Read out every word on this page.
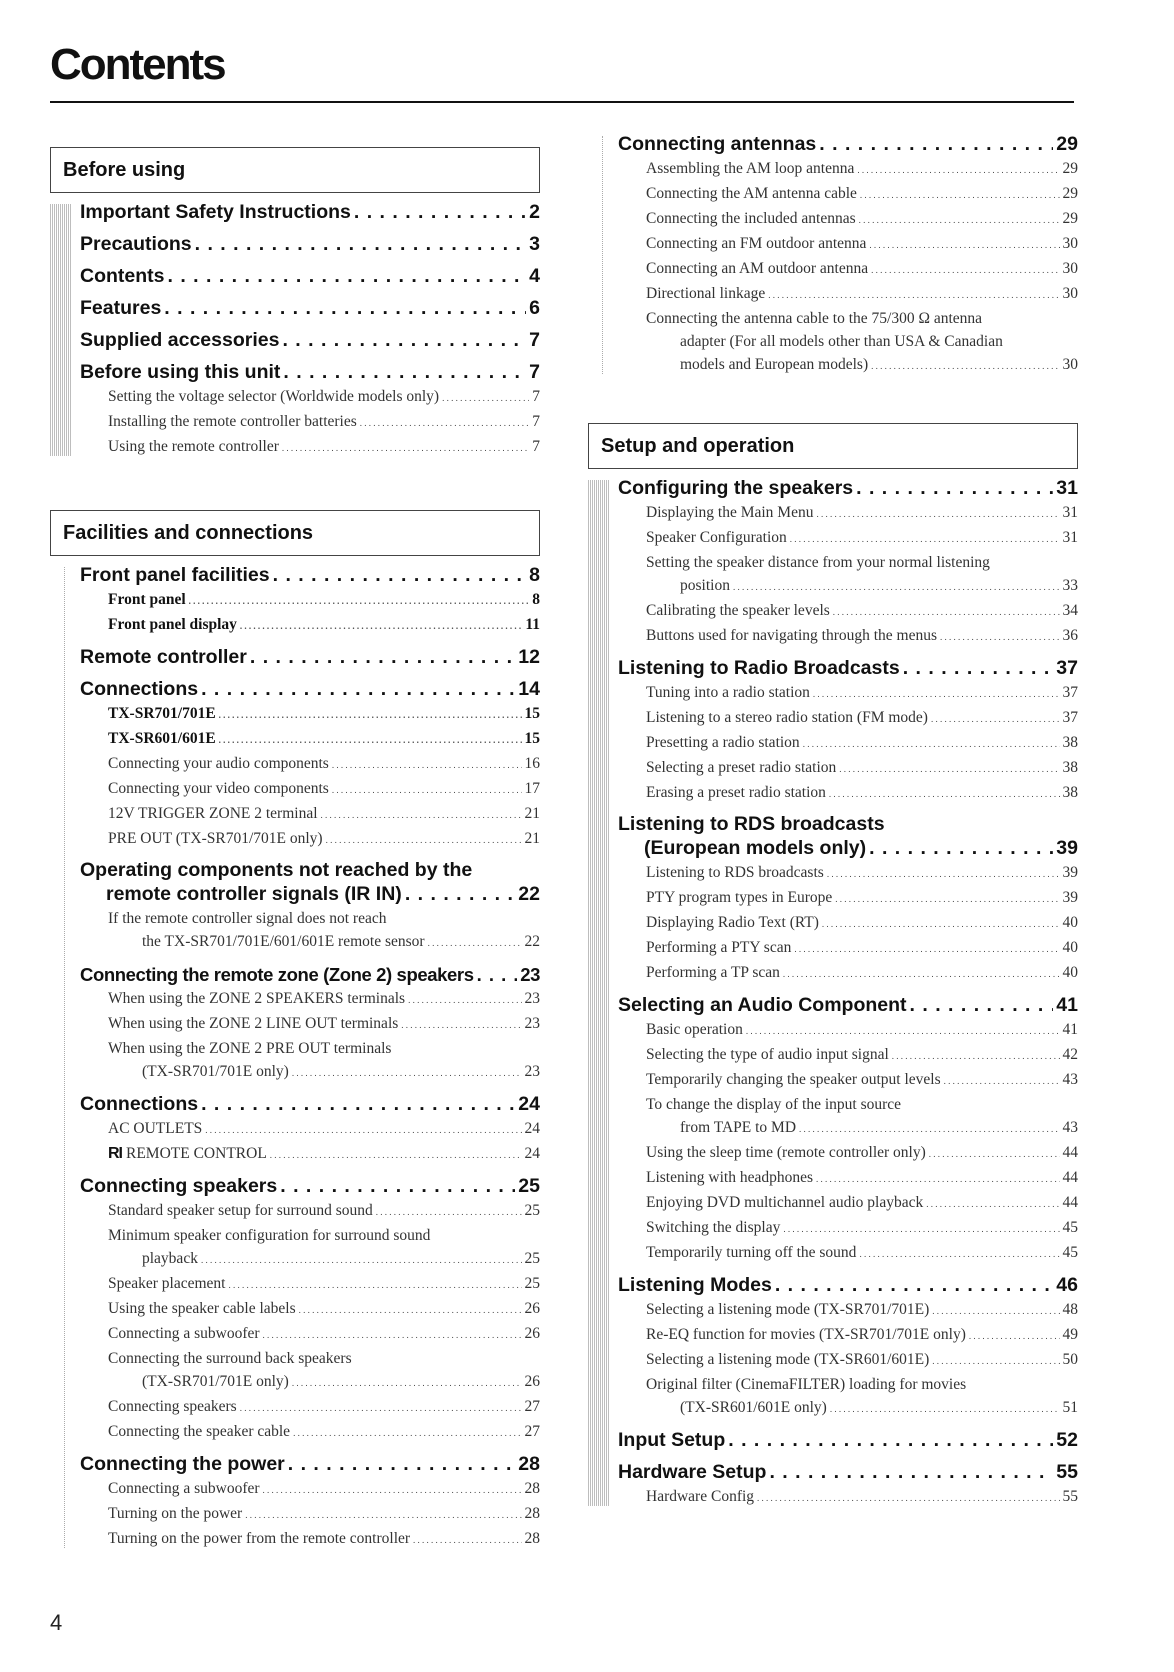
Contents
Before using
Important Safety Instructions . . .	2
Precautions . . .	3
Contents . . .	4
Features . . .	6
Supplied accessories . . .	7
Before using this unit . . .	7
Setting the voltage selector (Worldwide models only) . . .	7
Installing the remote controller batteries . . .	7
Using the remote controller . . .	7
Facilities and connections
Front panel facilities . . .	8
Front panel . . .	8
Front panel display . . .	11
Remote controller . . .	12
Connections . . .	14
TX-SR701/701E . . .	15
TX-SR601/601E . . .	15
Connecting your audio components . . .	16
Connecting your video components . . .	17
12V TRIGGER ZONE 2 terminal . . .	21
PRE OUT (TX-SR701/701E only) . . .	21
Operating components not reached by the
remote controller signals (IR IN) . . .	22
If the remote controller signal does not reach
the TX-SR701/701E/601/601E remote sensor . . .	22
Connecting the remote zone (Zone 2) speakers . . .	23
When using the ZONE 2 SPEAKERS terminals . . .	23
When using the ZONE 2 LINE OUT terminals . . .	23
When using the ZONE 2 PRE OUT terminals
(TX-SR701/701E only) . . .	23
Connections . . .	24
AC OUTLETS . . .	24
RI REMOTE CONTROL . . .	24
Connecting speakers . . .	25
Standard speaker setup for surround sound . . .	25
Minimum speaker configuration for surround sound
playback . . .	25
Speaker placement . . .	25
Using the speaker cable labels . . .	26
Connecting a subwoofer . . .	26
Connecting the surround back speakers
(TX-SR701/701E only) . . .	26
Connecting speakers . . .	27
Connecting the speaker cable . . .	27
Connecting the power . . .	28
Connecting a subwoofer . . .	28
Turning on the power . . .	28
Turning on the power from the remote controller . . .	28
Connecting antennas . . .	29
Assembling the AM loop antenna . . .	29
Connecting the AM antenna cable . . .	29
Connecting the included antennas . . .	29
Connecting an FM outdoor antenna . . .	30
Connecting an AM outdoor antenna . . .	30
Directional linkage . . .	30
Connecting the antenna cable to the 75/300 Ω antenna
adapter (For all models other than USA & Canadian
models and European models) . . .	30
Setup and operation
Configuring the speakers . . .	31
Displaying the Main Menu . . .	31
Speaker Configuration . . .	31
Setting the speaker distance from your normal listening
position . . .	33
Calibrating the speaker levels . . .	34
Buttons used for navigating through the menus . . .	36
Listening to Radio Broadcasts . . .	37
Tuning into a radio station . . .	37
Listening to a stereo radio station (FM mode) . . .	37
Presetting a radio station . . .	38
Selecting a preset radio station . . .	38
Erasing a preset radio station . . .	38
Listening to RDS broadcasts
(European models only) . . .	39
Listening to RDS broadcasts . . .	39
PTY program types in Europe . . .	39
Displaying Radio Text (RT) . . .	40
Performing a PTY scan . . .	40
Performing a TP scan . . .	40
Selecting an Audio Component . . .	41
Basic operation . . .	41
Selecting the type of audio input signal . . .	42
Temporarily changing the speaker output levels . . .	43
To change the display of the input source
from TAPE to MD . . .	43
Using the sleep time (remote controller only) . . .	44
Listening with headphones . . .	44
Enjoying DVD multichannel audio playback . . .	44
Switching the display . . .	45
Temporarily turning off the sound . . .	45
Listening Modes . . .	46
Selecting a listening mode (TX-SR701/701E) . . .	48
Re-EQ function for movies (TX-SR701/701E only) . . .	49
Selecting a listening mode (TX-SR601/601E) . . .	50
Original filter (CinemaFILTER) loading for movies
(TX-SR601/601E only) . . .	51
Input Setup . . .	52
Hardware Setup . . .	55
Hardware Config . . .	55
4
